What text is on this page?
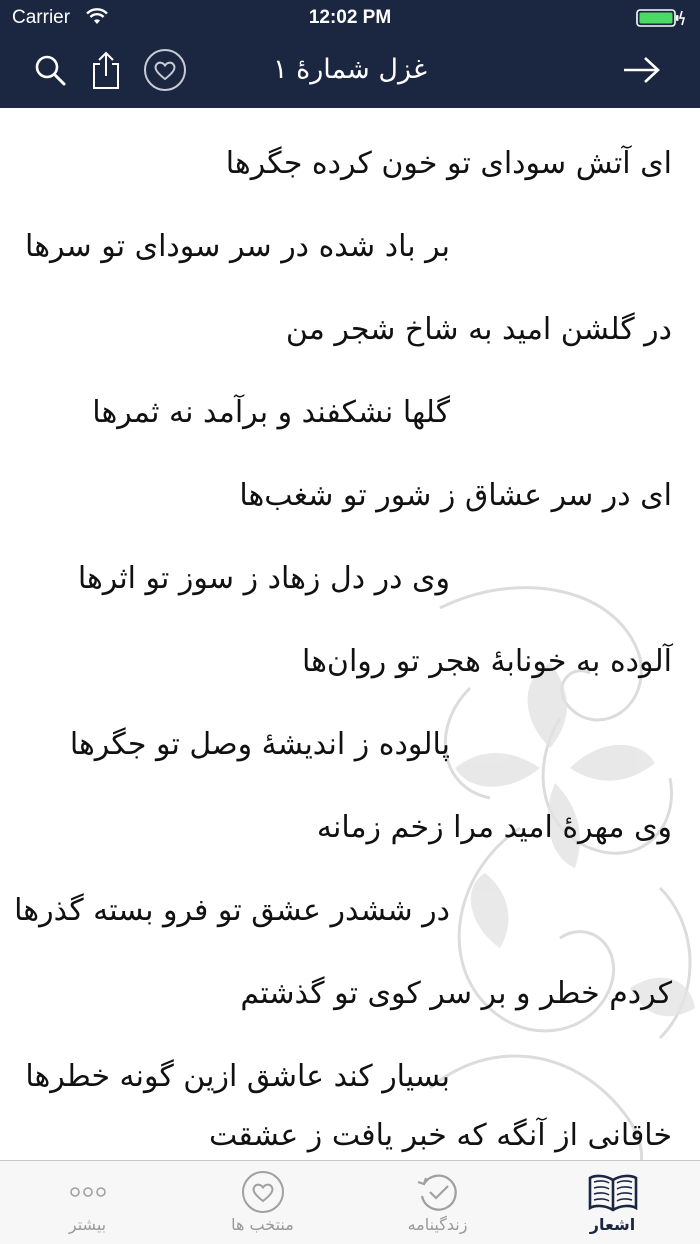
Carrier	12:02 PM
غزل شمارهٔ ۱
ای آتش سودای تو خون کرده جگرها
بر باد شده در سر سودای تو سرها
در گلشن امید به شاخ شجر من
گلها نشکفند و برآمد نه ثمرها
ای در سر عشاق ز شور تو شغب‌ها
وی در دل زهاد ز سوز تو اثرها
آلوده به خونابهٔ هجر تو روان‌ها
پالوده ز اندیشهٔ وصل تو جگرها
وی مهرهٔ امید مرا زخم زمانه
در ششدر عشق تو فرو بسته گذرها
کردم خطر و بر سر کوی تو گذشتم
بسیار کند عاشق ازین گونه خطرها
خاقانی از آنگه که خبر یافت ز عشقت
اشعار
زندگینامه
منتخب ها
بیشتر
